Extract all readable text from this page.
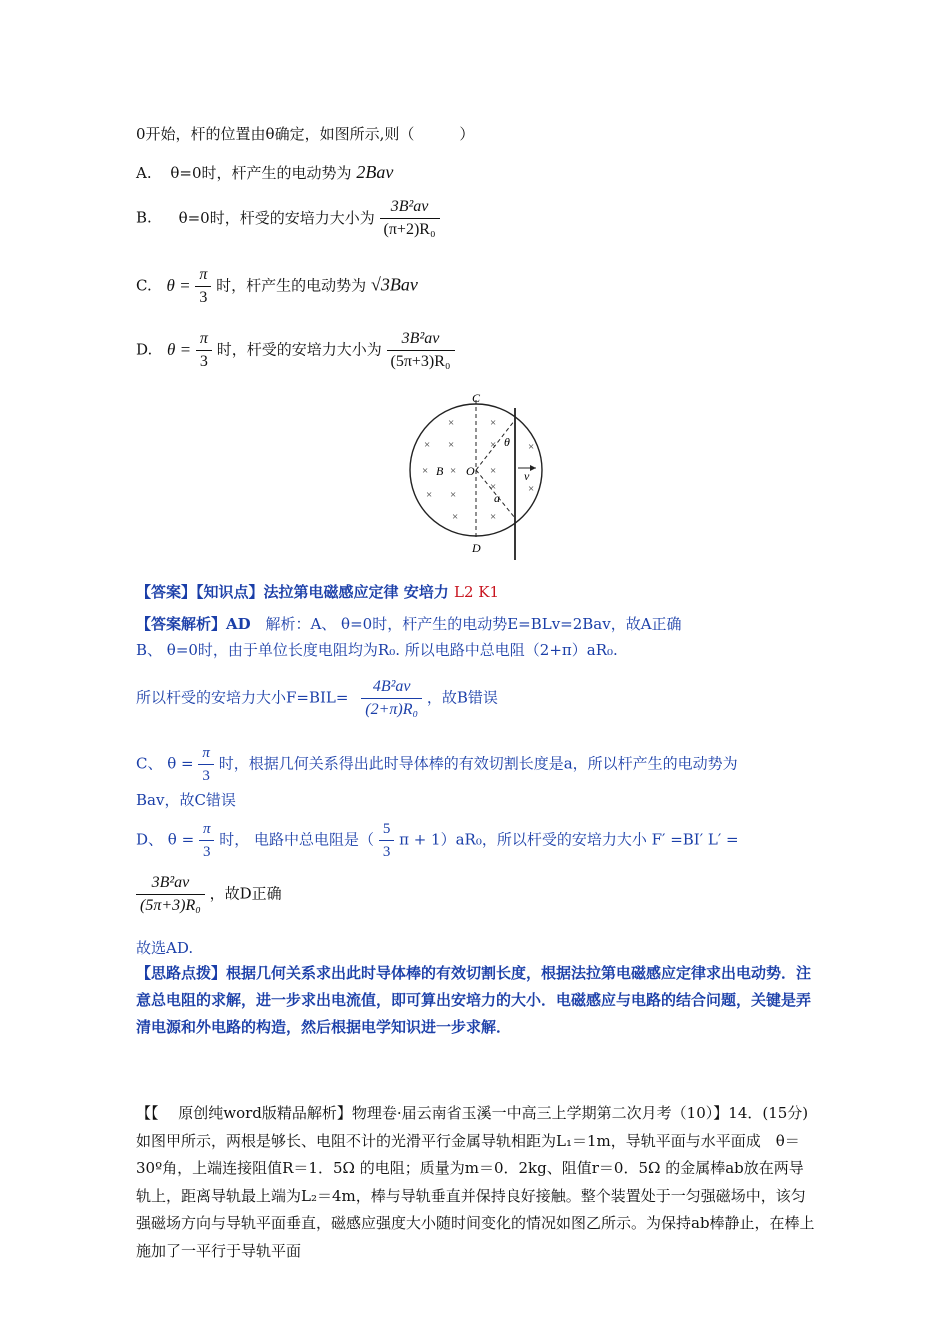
0开始，杆的位置由θ确定，如图所示,则（　　　）
A. θ=0时，杆产生的电动势为 2Bav
B. θ=0时，杆受的安培力大小为 $\frac{\text{3B²av}}{\text{(π+2)R₀}}$
C. $\theta = \frac{\pi}{3}$ 时，杆产生的电动势为 √3Bav
D. $\theta = \frac{\pi}{3}$ 时，杆受的安培力大小为 $\frac{\text{3B²av}}{\text{(5π+3)R₀}}$
C
D
B O
θ
v
a
×	×
× ×	×
× ×	×
× ×
×
×	×
×
×
【答案】【知识点】法拉第电磁感应定律 安培力 L2 K1
【答案解析】AD 解析：A、 θ=0时，杆产生的电动势E=BLv=2Bav，故A正确
B、 θ=0时，由于单位长度电阻均为R₀. 所以电路中总电阻（2+π）aR₀.
所以杆受的安培力大小$F=BIL= \frac{\text{4B²av}}{\text{(2+π)R₀}}$ ，故B错误
C、 $\theta = \frac{\pi}{3}$ 时，根据几何关系得出此时导体棒的有效切割长度是a，所以杆产生的电动势为
Bav，故C错误
D、 $\theta = \frac{\pi}{3}$ 时， 电路中总电阻是（ $\frac{5}{3}$ π + 1）aR₀，所以杆受的安培力大小 F′ =BI′ L′ =
$\frac{\text{3B²av}}{\text{(5π+3)R₀}}$ ，故D正确
故选AD.
【思路点拨】根据几何关系求出此时导体棒的有效切割长度，根据法拉第电磁感应定律求出电动势．注意总电阻的求解，进一步求出电流值，即可算出安培力的大小．电磁感应与电路的结合问题，关键是弄清电源和外电路的构造，然后根据电学知识进一步求解．
【【　 原创纯word版精品解析】物理卷·届云南省玉溪一中高三上学期第二次月考（10）】14．(15分)如图甲所示，两根是够长、电阻不计的光滑平行金属导轨相距为L₁＝1m，导轨平面与水平面成　θ＝30º角，上端连接阻值R＝1．5Ω 的电阻；质量为m＝0．2kg、阻值r＝0．5Ω 的金属棒ab放在两导轨上，距离导轨最上端为L₂＝4m，棒与导轨垂直并保持良好接触。整个装置处于一匀强磁场中，该匀强磁场方向与导轨平面垂直，磁感应强度大小随时间变化的情况如图乙所示。为保持ab棒静止，在棒上施加了一平行于导轨平面
